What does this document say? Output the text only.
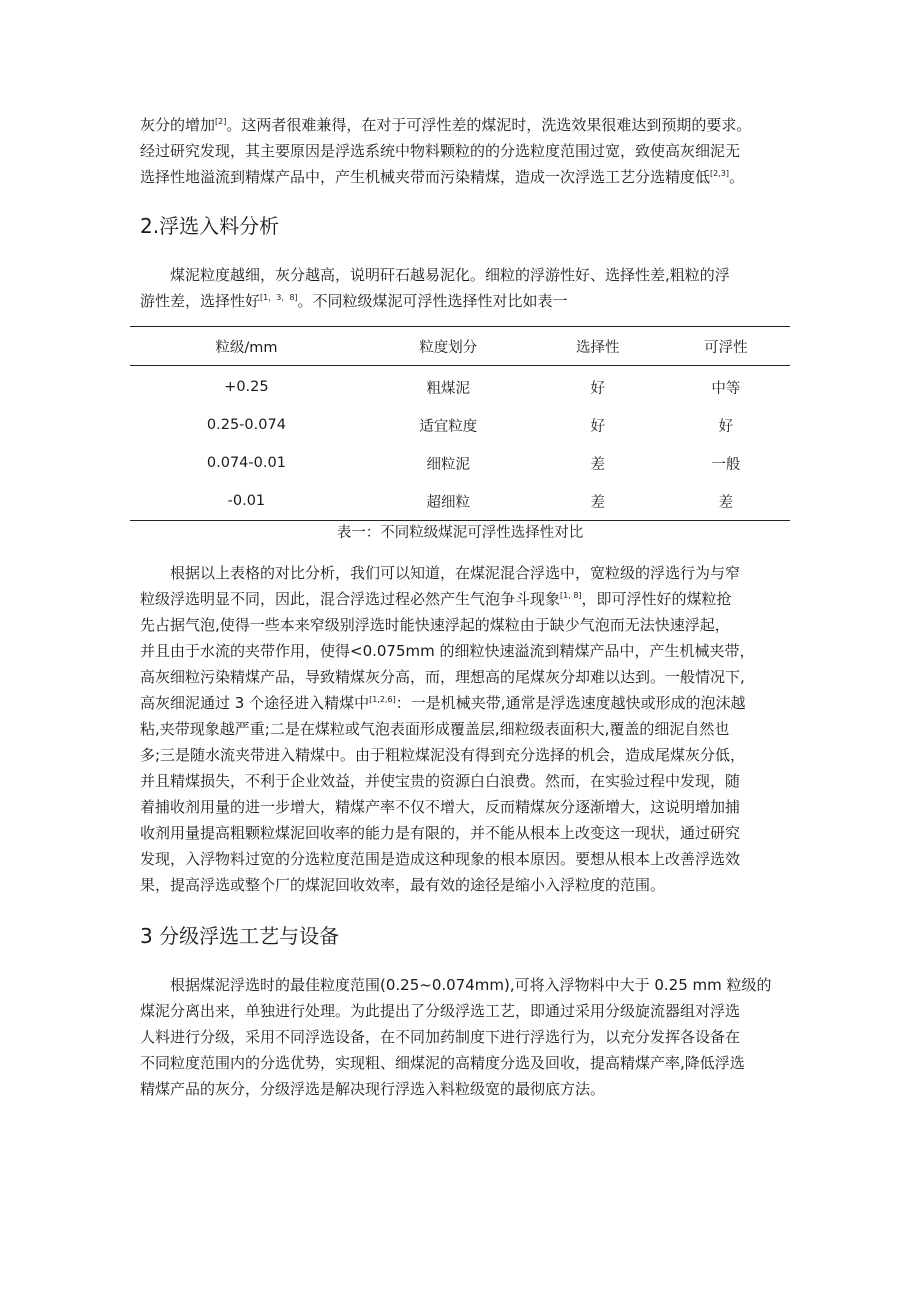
灰分的增加[2]。这两者很难兼得，在对于可浮性差的煤泥时，洗选效果很难达到预期的要求。
经过研究发现，其主要原因是浮选系统中物料颗粒的的分选粒度范围过宽，致使高灰细泥无
选择性地溢流到精煤产品中，产生机械夹带而污染精煤，造成一次浮选工艺分选精度低[2,3]。
2.浮选入料分析
煤泥粒度越细，灰分越高，说明矸石越易泥化。细粒的浮游性好、选择性差,粗粒的浮
游性差，选择性好[1，3，8]。不同粒级煤泥可浮性选择性对比如表一
粒级/mm	粒度划分	选择性	可浮性
+0.25	粗煤泥	好	中等
0.25-0.074	适宜粒度	好	好
0.074-0.01	细粒泥	差	一般
-0.01	超细粒	差	差
表一：不同粒级煤泥可浮性选择性对比
根据以上表格的对比分析，我们可以知道，在煤泥混合浮选中，宽粒级的浮选行为与窄
粒级浮选明显不同，因此，混合浮选过程必然产生气泡争斗现象[1, 8]，即可浮性好的煤粒抢
先占据气泡,使得一些本来窄级别浮选时能快速浮起的煤粒由于缺少气泡而无法快速浮起，
并且由于水流的夹带作用，使得<0.075mm 的细粒快速溢流到精煤产品中，产生机械夹带，
高灰细粒污染精煤产品，导致精煤灰分高，而，理想高的尾煤灰分却难以达到。一般情况下,
高灰细泥通过 3 个途径进入精煤中[1,2,6]：一是机械夹带,通常是浮选速度越快或形成的泡沫越
粘,夹带现象越严重;二是在煤粒或气泡表面形成覆盖层,细粒级表面积大,覆盖的细泥自然也
多;三是随水流夹带进入精煤中。由于粗粒煤泥没有得到充分选择的机会，造成尾煤灰分低，
并且精煤损失，不利于企业效益，并使宝贵的资源白白浪费。然而，在实验过程中发现，随
着捕收剂用量的进一步增大，精煤产率不仅不增大，反而精煤灰分逐渐增大，这说明增加捕
收剂用量提高粗颗粒煤泥回收率的能力是有限的，并不能从根本上改变这一现状，通过研究
发现，入浮物料过宽的分选粒度范围是造成这种现象的根本原因。要想从根本上改善浮选效
果，提高浮选或整个厂的煤泥回收效率，最有效的途径是缩小入浮粒度的范围。
3 分级浮选工艺与设备
根据煤泥浮选时的最佳粒度范围(0.25~0.074mm),可将入浮物料中大于 0.25 mm 粒级的
煤泥分离出来，单独进行处理。为此提出了分级浮选工艺，即通过采用分级旋流器组对浮选
人料进行分级，采用不同浮选设备，在不同加药制度下进行浮选行为，以充分发挥各设备在
不同粒度范围内的分选优势，实现粗、细煤泥的高精度分选及回收，提高精煤产率,降低浮选
精煤产品的灰分，分级浮选是解决现行浮选入料粒级宽的最彻底方法。
